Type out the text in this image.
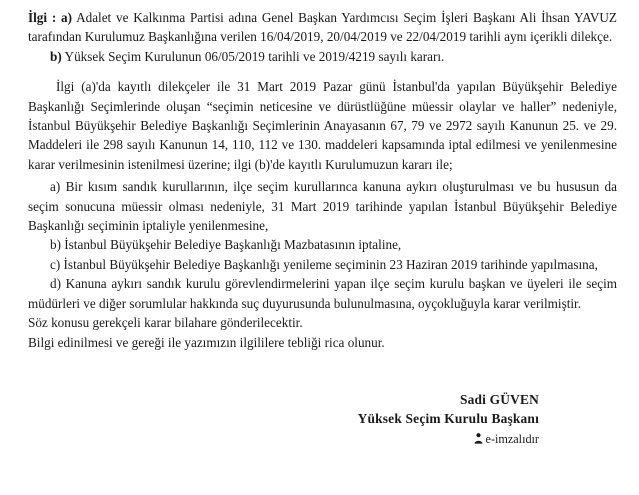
İlgi : a) Adalet ve Kalkınma Partisi adına Genel Başkan Yardımcısı Seçim İşleri Başkanı Ali İhsan YAVUZ tarafından Kurulumuz Başkanlığına verilen 16/04/2019, 20/04/2019 ve 22/04/2019 tarihli aynı içerikli dilekçe.

b) Yüksek Seçim Kurulunun 06/05/2019 tarihli ve 2019/4219 sayılı kararı.

İlgi (a)'da kayıtlı dilekçeler ile 31 Mart 2019 Pazar günü İstanbul'da yapılan Büyükşehir Belediye Başkanlığı Seçimlerinde oluşan “seçimin neticesine ve dürüstlüğüne müessir olaylar ve haller” nedeniyle, İstanbul Büyükşehir Belediye Başkanlığı Seçimlerinin Anayasanın 67, 79 ve 2972 sayılı Kanunun 25. ve 29. Maddeleri ile 298 sayılı Kanunun 14, 110, 112 ve 130. maddeleri kapsamında iptal edilmesi ve yenilenmesine karar verilmesinin istenilmesi üzerine; ilgi (b)'de kayıtlı Kurulumuzun kararı ile;

a) Bir kısım sandık kurullarının, ilçe seçim kurullarınca kanuna aykırı oluşturulması ve bu hususun da seçim sonucuna müessir olması nedeniyle, 31 Mart 2019 tarihinde yapılan İstanbul Büyükşehir Belediye Başkanlığı seçiminin iptaliyle yenilenmesine,

b) İstanbul Büyükşehir Belediye Başkanlığı Mazbatasının iptaline,

c) İstanbul Büyükşehir Belediye Başkanlığı yenileme seçiminin 23 Haziran 2019 tarihinde yapılmasına,

d) Kanuna aykırı sandık kurulu görevlendirmelerini yapan ilçe seçim kurulu başkan ve üyeleri ile seçim müdürleri ve diğer sorumlular hakkında suç duyurusunda bulunulmasına, oyçokluğuyla karar verilmiştir.

Söz konusu gerekçeli karar bilahare gönderilecektir.

Bilgi edinilmesi ve gereği ile yazımızın ilgililere tebliği rica olunur.

Sadi GÜVEN
Yüksek Seçim Kurulu Başkanı
e-imzalıdır
